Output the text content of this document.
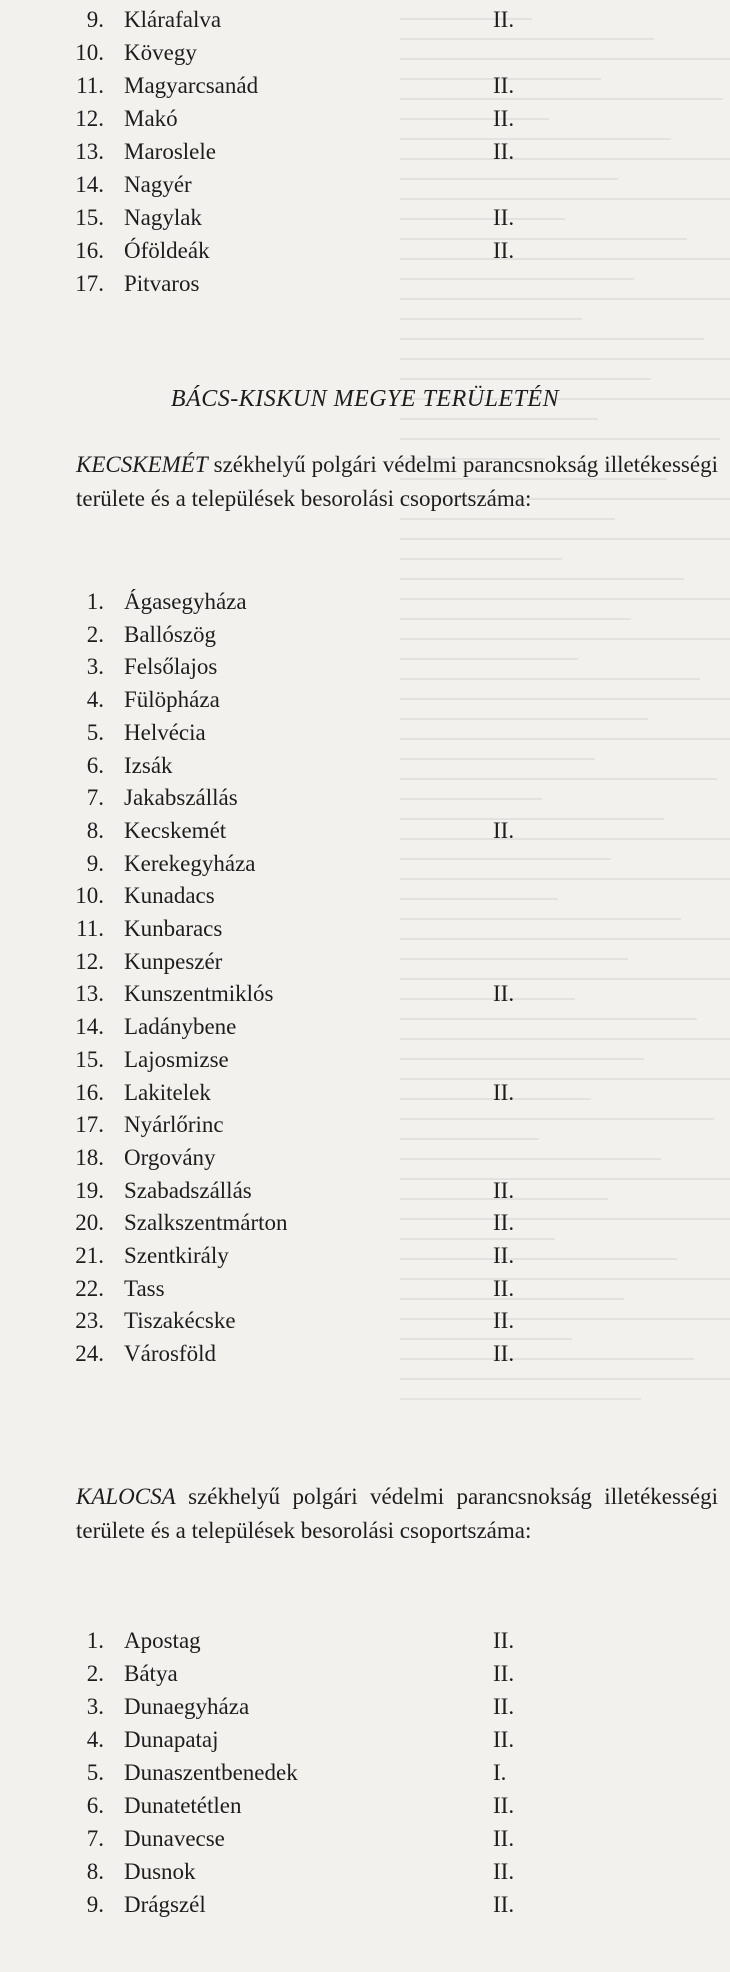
9. Klárafalva	II.
10. Kövegy
11. Magyarcsanád	II.
12. Makó	II.
13. Maroslele	II.
14. Nagyér
15. Nagylak	II.
16. Óföldeák	II.
17. Pitvaros
BÁCS-KISKUN MEGYE TERÜLETÉN
KECSKEMÉT székhelyű polgári védelmi parancsnokság illetékességi területe és a települések besorolási csoportszáma:
1. Ágasegyháza
2. Ballószög
3. Felsőlajos
4. Fülöpháza
5. Helvécia
6. Izsák
7. Jakabszállás
8. Kecskemét	II.
9. Kerekegyháza
10. Kunadacs
11. Kunbaracs
12. Kunpeszér
13. Kunszentmiklós	II.
14. Ladánybene
15. Lajosmizse
16. Lakitelek	II.
17. Nyárlőrinc
18. Orgovány
19. Szabadszállás	II.
20. Szalkszentmárton	II.
21. Szentkirály	II.
22. Tass	II.
23. Tiszakécske	II.
24. Városföld	II.
KALOCSA székhelyű polgári védelmi parancsnokság illetékességi területe és a települések besorolási csoportszáma:
1. Apostag	II.
2. Bátya	II.
3. Dunaegyháza	II.
4. Dunapataj	II.
5. Dunaszentbenedek	I.
6. Dunatetétlen	II.
7. Dunavecse	II.
8. Dusnok	II.
9. Drágszél	II.
